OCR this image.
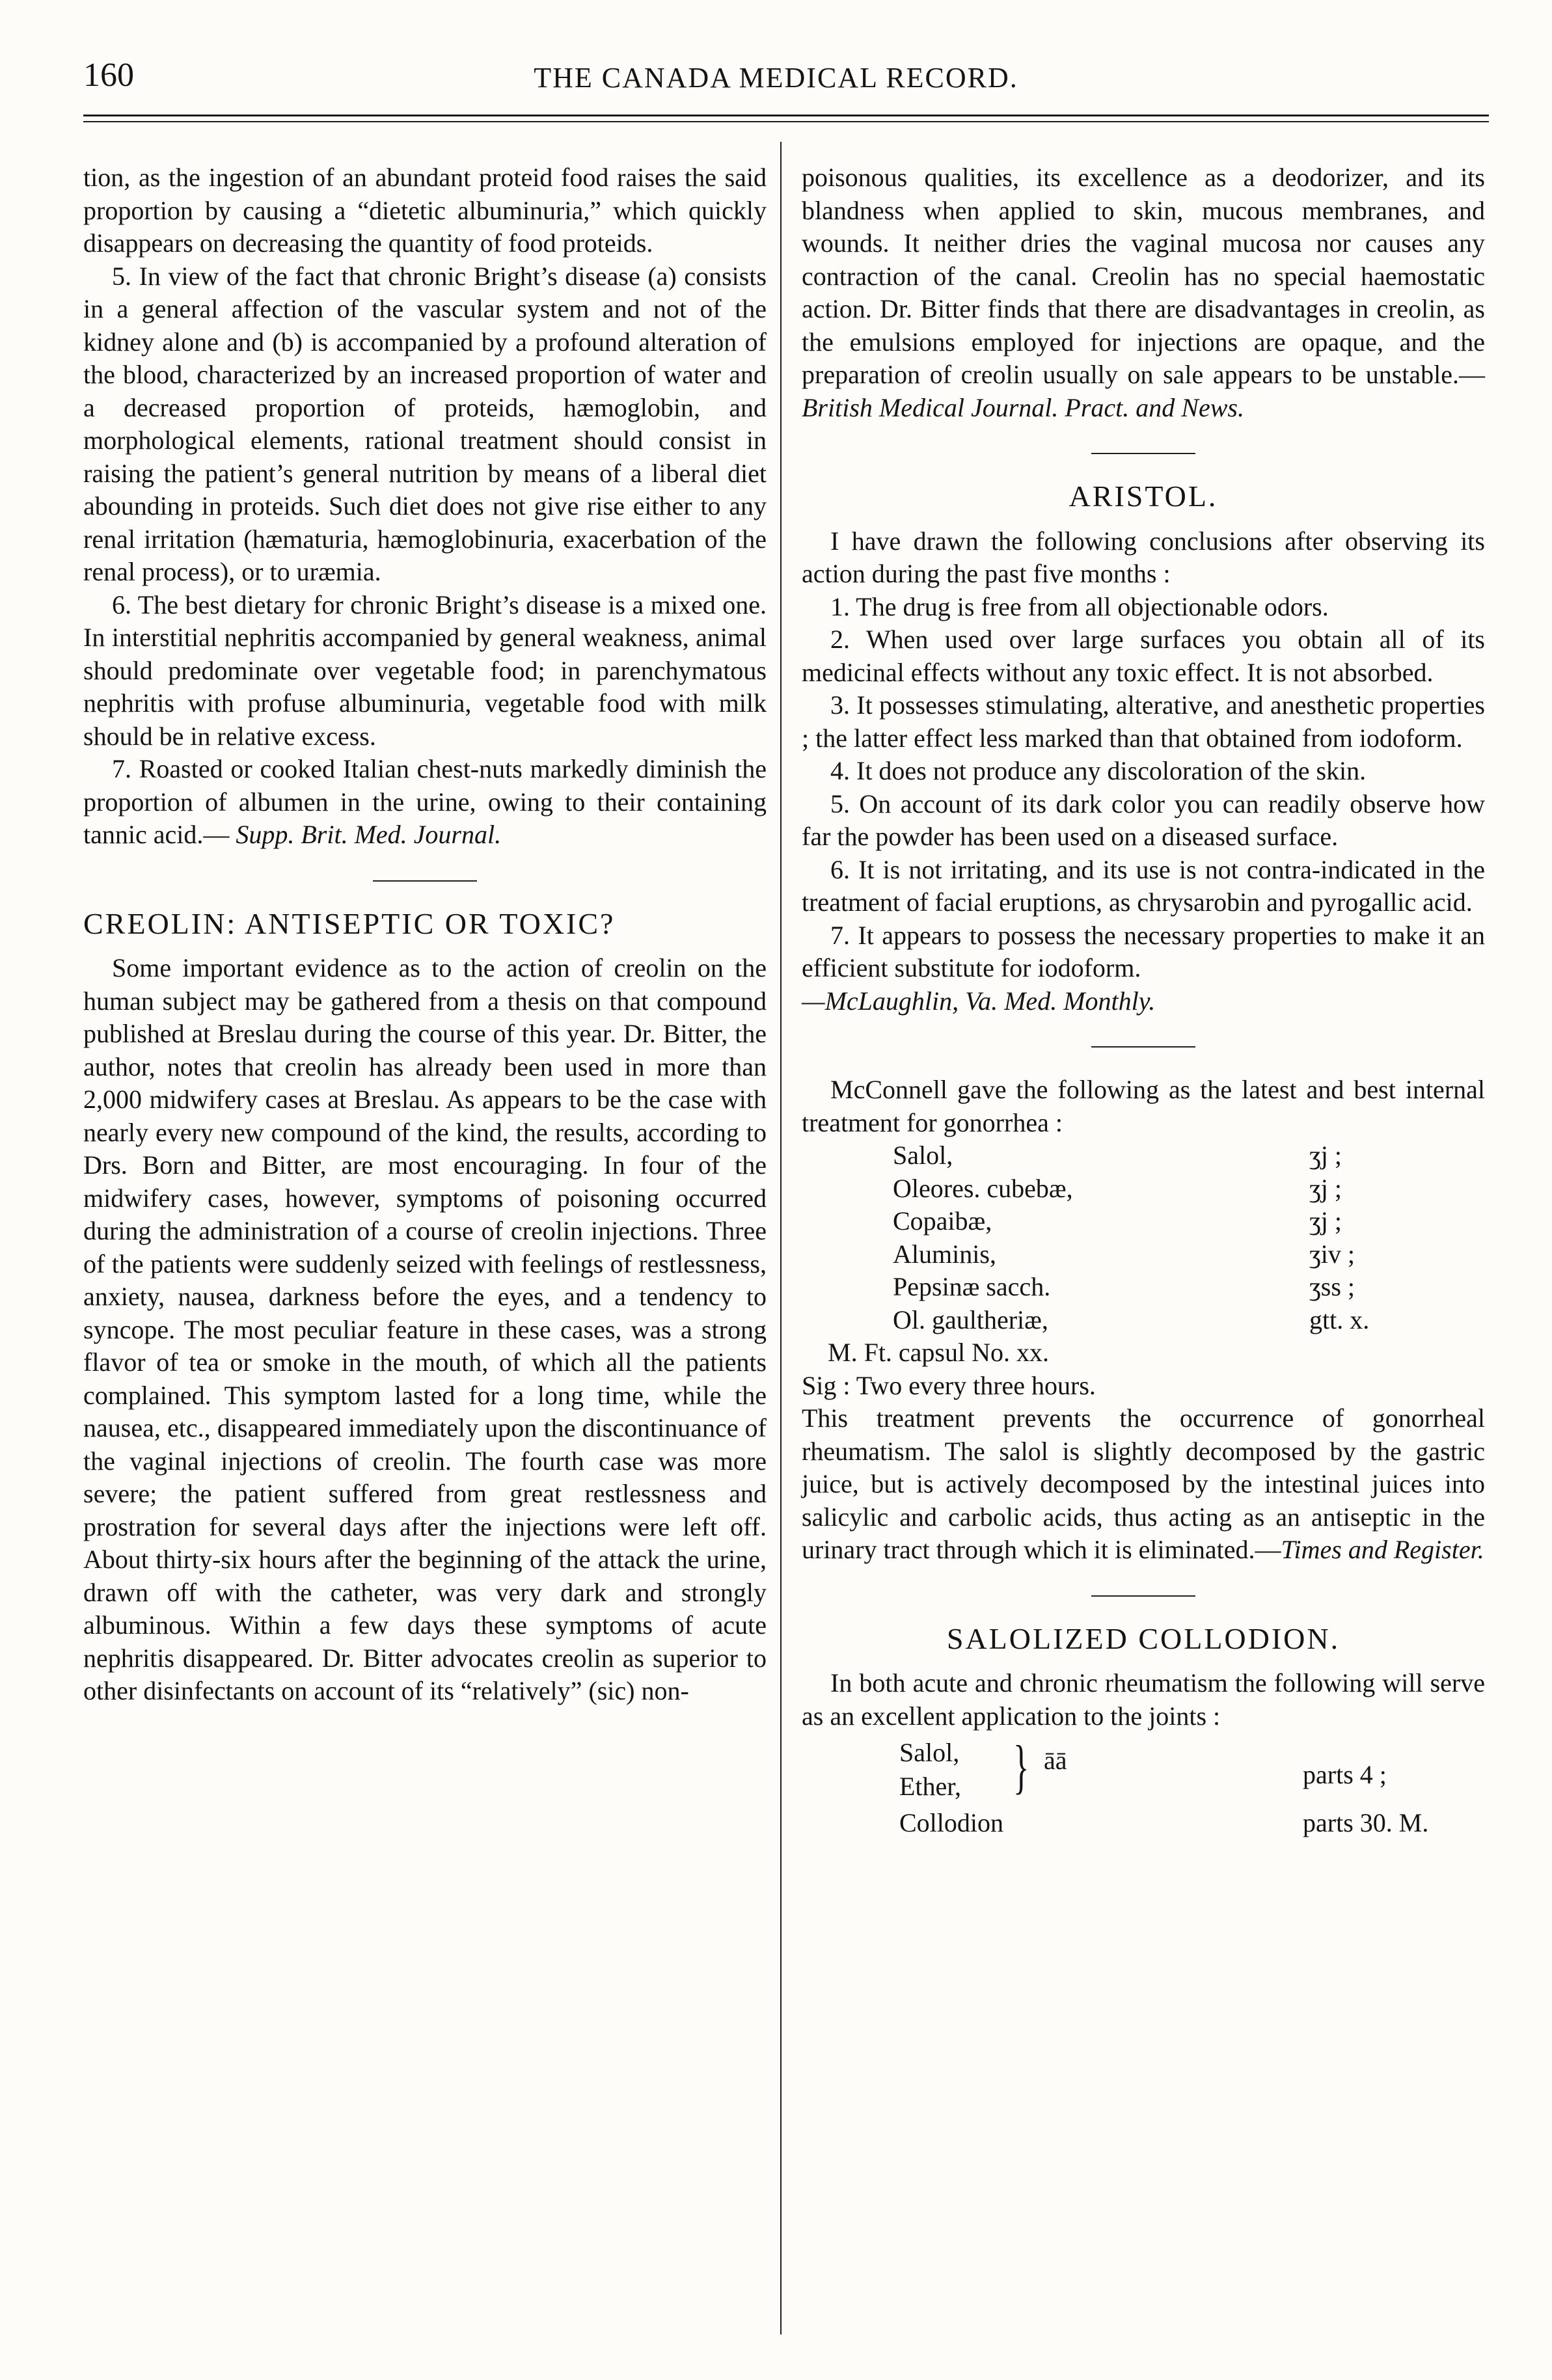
160	THE CANADA MEDICAL RECORD.

tion, as the ingestion of an abundant proteid food raises the said proportion by causing a “dietetic albuminuria,” which quickly disappears on decreasing the quantity of food proteids.

5. In view of the fact that chronic Bright’s disease (a) consists in a general affection of the vascular system and not of the kidney alone and (b) is accompanied by a profound alteration of the blood, characterized by an increased proportion of water and a decreased proportion of proteids, hæmoglobin, and morphological elements, rational treatment should consist in raising the patient’s general nutrition by means of a liberal diet abounding in proteids. Such diet does not give rise either to any renal irritation (hæmaturia, hæmoglobinuria, exacerbation of the renal process), or to uræmia.

6. The best dietary for chronic Bright’s disease is a mixed one. In interstitial nephritis accompanied by general weakness, animal should predominate over vegetable food; in parenchymatous nephritis with profuse albuminuria, vegetable food with milk should be in relative excess.

7. Roasted or cooked Italian chest-nuts markedly diminish the proportion of albumen in the urine, owing to their containing tannic acid.— Supp. Brit. Med. Journal.

CREOLIN: ANTISEPTIC OR TOXIC?

Some important evidence as to the action of creolin on the human subject may be gathered from a thesis on that compound published at Breslau during the course of this year. Dr. Bitter, the author, notes that creolin has already been used in more than 2,000 midwifery cases at Breslau. As appears to be the case with nearly every new compound of the kind, the results, according to Drs. Born and Bitter, are most encouraging. In four of the midwifery cases, however, symptoms of poisoning occurred during the administration of a course of creolin injections. Three of the patients were suddenly seized with feelings of restlessness, anxiety, nausea, darkness before the eyes, and a tendency to syncope. The most peculiar feature in these cases, was a strong flavor of tea or smoke in the mouth, of which all the patients complained. This symptom lasted for a long time, while the nausea, etc., disappeared immediately upon the discontinuance of the vaginal injections of creolin. The fourth case was more severe; the patient suffered from great restlessness and prostration for several days after the injections were left off. About thirty-six hours after the beginning of the attack the urine, drawn off with the catheter, was very dark and strongly albuminous. Within a few days these symptoms of acute nephritis disappeared. Dr. Bitter advocates creolin as superior to other disinfectants on account of its “relatively” (sic) non-

poisonous qualities, its excellence as a deodorizer, and its blandness when applied to skin, mucous membranes, and wounds. It neither dries the vaginal mucosa nor causes any contraction of the canal. Creolin has no special haemostatic action. Dr. Bitter finds that there are disadvantages in creolin, as the emulsions employed for injections are opaque, and the preparation of creolin usually on sale appears to be unstable.— British Medical Journal. Pract. and News.

ARISTOL.

I have drawn the following conclusions after observing its action during the past five months :

1. The drug is free from all objectionable odors.

2. When used over large surfaces you obtain all of its medicinal effects without any toxic effect. It is not absorbed.

3. It possesses stimulating, alterative, and anesthetic properties ; the latter effect less marked than that obtained from iodoform.

4. It does not produce any discoloration of the skin.

5. On account of its dark color you can readily observe how far the powder has been used on a diseased surface.

6. It is not irritating, and its use is not contra-indicated in the treatment of facial eruptions, as chrysarobin and pyrogallic acid.

7. It appears to possess the necessary properties to make it an efficient substitute for iodoform.

—McLaughlin, Va. Med. Monthly.

McConnell gave the following as the latest and best internal treatment for gonorrhea :

Salol,	ʒj ;
Oleores. cubebæ,	ʒj ;
Copaibæ,	ʒj ;
Aluminis,	ʒiv ;
Pepsinæ sacch.	ʒss ;
Ol. gaultheriæ,	gtt. x.

M. Ft. capsul No. xx.

Sig : Two every three hours.

This treatment prevents the occurrence of gonorrheal rheumatism. The salol is slightly decomposed by the gastric juice, but is actively decomposed by the intestinal juices into salicylic and carbolic acids, thus acting as an antiseptic in the urinary tract through which it is eliminated.—Times and Register.

SALOLIZED COLLODION.

In both acute and chronic rheumatism the following will serve as an excellent application to the joints :

Salol,
Ether, } āā	parts 4 ;
Collodion	parts 30. M.
